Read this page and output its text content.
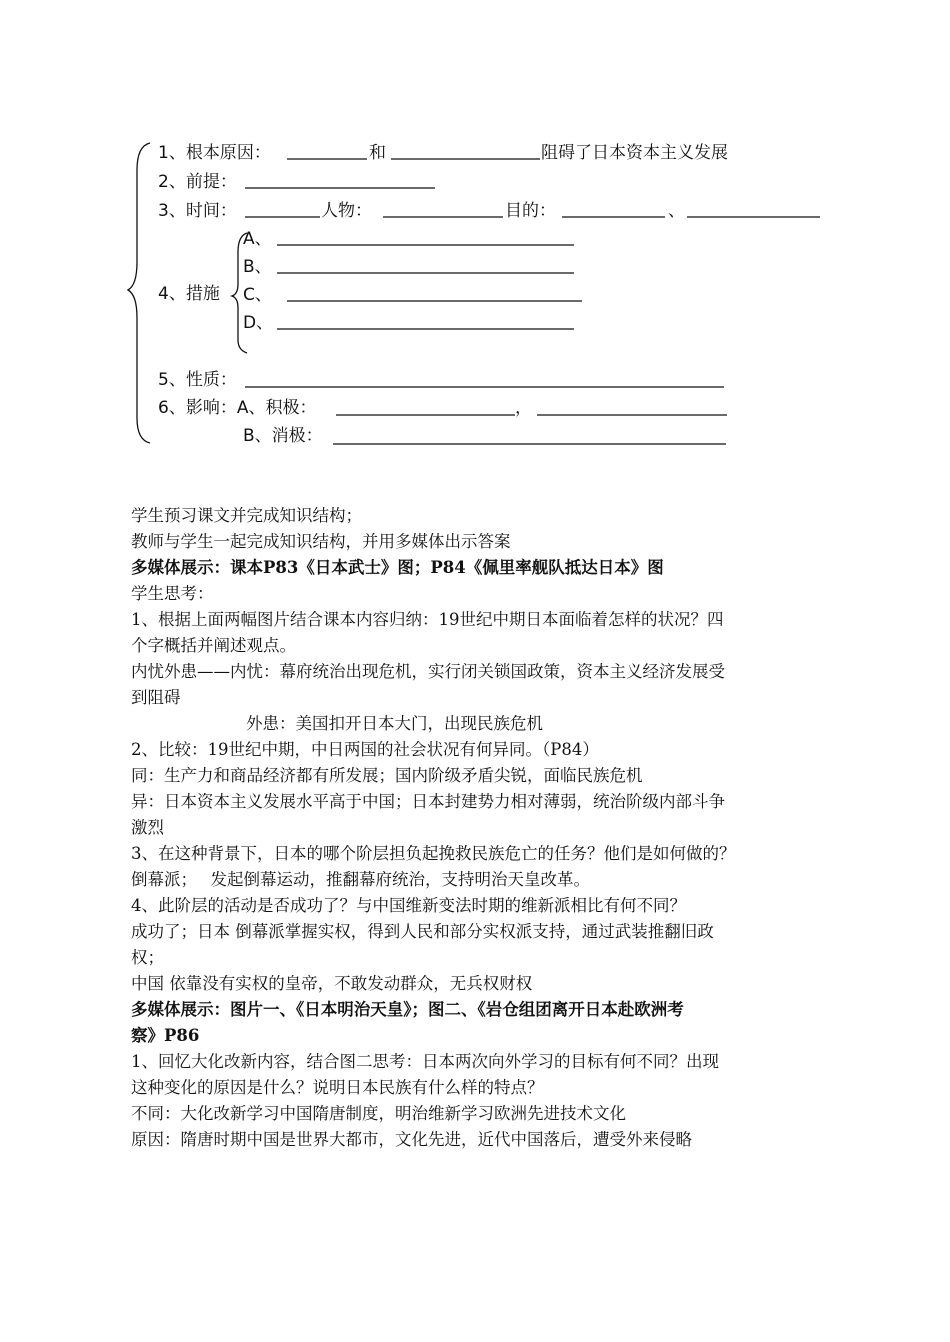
1、根本原因：	和	阻碍了日本资本主义发展
2、前提：
3、时间：	人物：	目的：	、
A、
B、
4、措施 C、
D、
5、性质：
6、影响：A、积极：	，
B、消极：
学生预习课文并完成知识结构；
教师与学生一起完成知识结构，并用多媒体出示答案
多媒体展示：课本P83《日本武士》图；P84《佩里率舰队抵达日本》图
学生思考：
1、根据上面两幅图片结合课本内容归纳：19世纪中期日本面临着怎样的状况？四
个字概括并阐述观点。
内忧外患——内忧：幕府统治出现危机，实行闭关锁国政策，资本主义经济发展受
到阻碍
外患：美国扣开日本大门，出现民族危机
2、比较：19世纪中期，中日两国的社会状况有何异同。（P84）
同：生产力和商品经济都有所发展；国内阶级矛盾尖锐，面临民族危机
异：日本资本主义发展水平高于中国；日本封建势力相对薄弱，统治阶级内部斗争
激烈
3、在这种背景下，日本的哪个阶层担负起挽救民族危亡的任务？他们是如何做的？
倒幕派；　 发起倒幕运动，推翻幕府统治，支持明治天皇改革。
4、此阶层的活动是否成功了？与中国维新变法时期的维新派相比有何不同？
成功了；日本 倒幕派掌握实权，得到人民和部分实权派支持，通过武装推翻旧政
权；
中国 依靠没有实权的皇帝，不敢发动群众，无兵权财权
多媒体展示：图片一、《日本明治天皇》；图二、《岩仓组团离开日本赴欧洲考
察》P86
1、回忆大化改新内容，结合图二思考：日本两次向外学习的目标有何不同？出现
这种变化的原因是什么？说明日本民族有什么样的特点？
不同：大化改新学习中国隋唐制度，明治维新学习欧洲先进技术文化
原因：隋唐时期中国是世界大都市，文化先进，近代中国落后，遭受外来侵略
